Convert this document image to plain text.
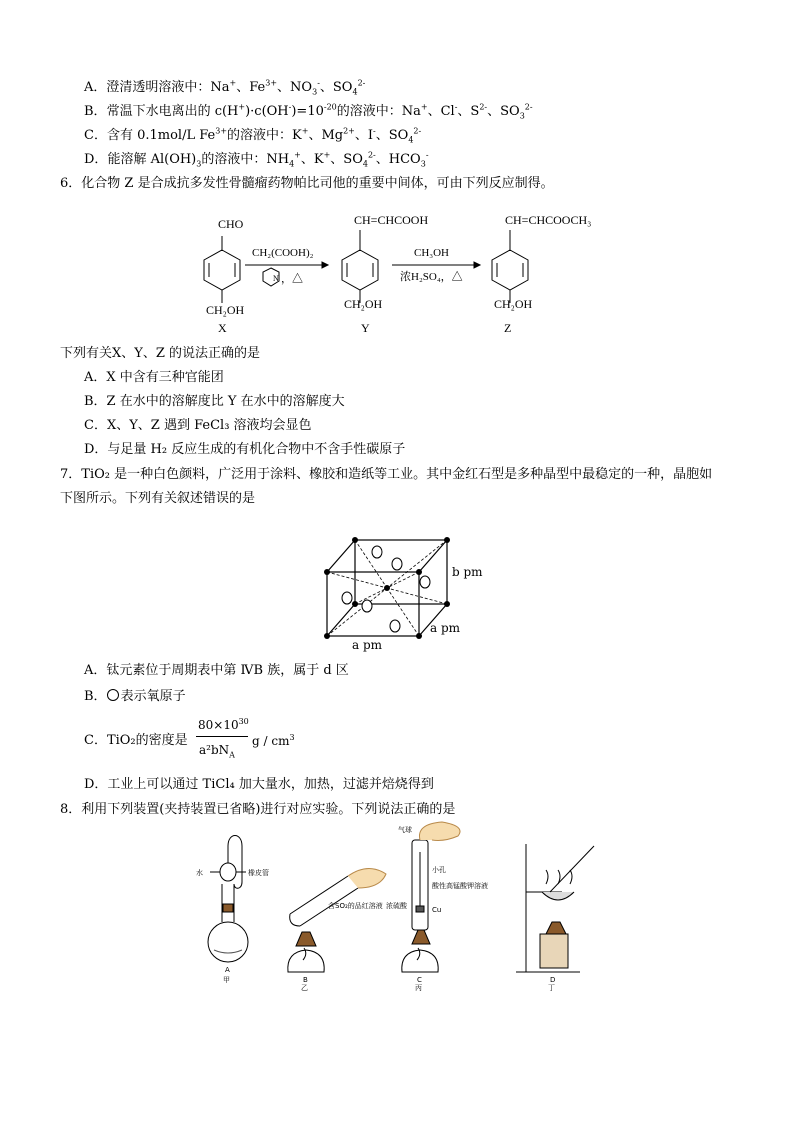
A．澄清透明溶液中：Na+、$Fe^{3+}$、$NO_3^-$、$SO_4^{2-}$
B．常温下水电离出的 $c(H^+)\cdot c(OH^-)=10^{-20}$的溶液中：Na+、Cl-、$S^{2-}$、$SO_3^{2-}$
C．含有 0.1mol/L $Fe^{3+}$的溶液中：K+、$Mg^{2+}$、I-、$SO_4^{2-}$
D．能溶解 $Al(OH)_3$的溶液中：$NH_4^+$、K+、$SO_4^{2-}$、$HCO_3^-$
6．化合物 Z 是合成抗多发性骨髓瘤药物帕比司他的重要中间体，可由下列反应制得。
CHO
CH₂OH
X
CH₂(COOH)₂
N ，△
CH=CHCOOH
CH₂OH
Y
CH₃OH
浓H₂SO₄，△
CH=CHCOOCH₃
CH₂OH
Z
下列有关X、Y、Z 的说法正确的是
A．X 中含有三种官能团
B．Z 在水中的溶解度比 Y 在水中的溶解度大
C．X、Y、Z 遇到 FeCl₃ 溶液均会显色
D．与足量 H₂ 反应生成的有机化合物中不含手性碳原子
7．TiO₂ 是一种白色颜料，广泛用于涂料、橡胶和造纸等工业。其中金红石型是多种晶型中最稳定的一种，晶胞如
下图所示。下列有关叙述错误的是
b pm
a pm
a pm
A．钛元素位于周期表中第 ⅣB 族，属于 d 区
B． 表示氧原子
C．TiO₂的密度是
$80\times 10^{30}$
$a^2bN_A$
g / $cm^3$
D．工业上可以通过 TiCl₄ 加大量水，加热，过滤并焙烧得到
8．利用下列装置(夹持装置已省略)进行对应实验。下列说法正确的是
水	橡皮管
A
甲
含SO₂的品红溶液
B
乙
气球
小孔
酸性高锰酸钾溶液
浓硫酸	Cu
C
丙
D
丁
